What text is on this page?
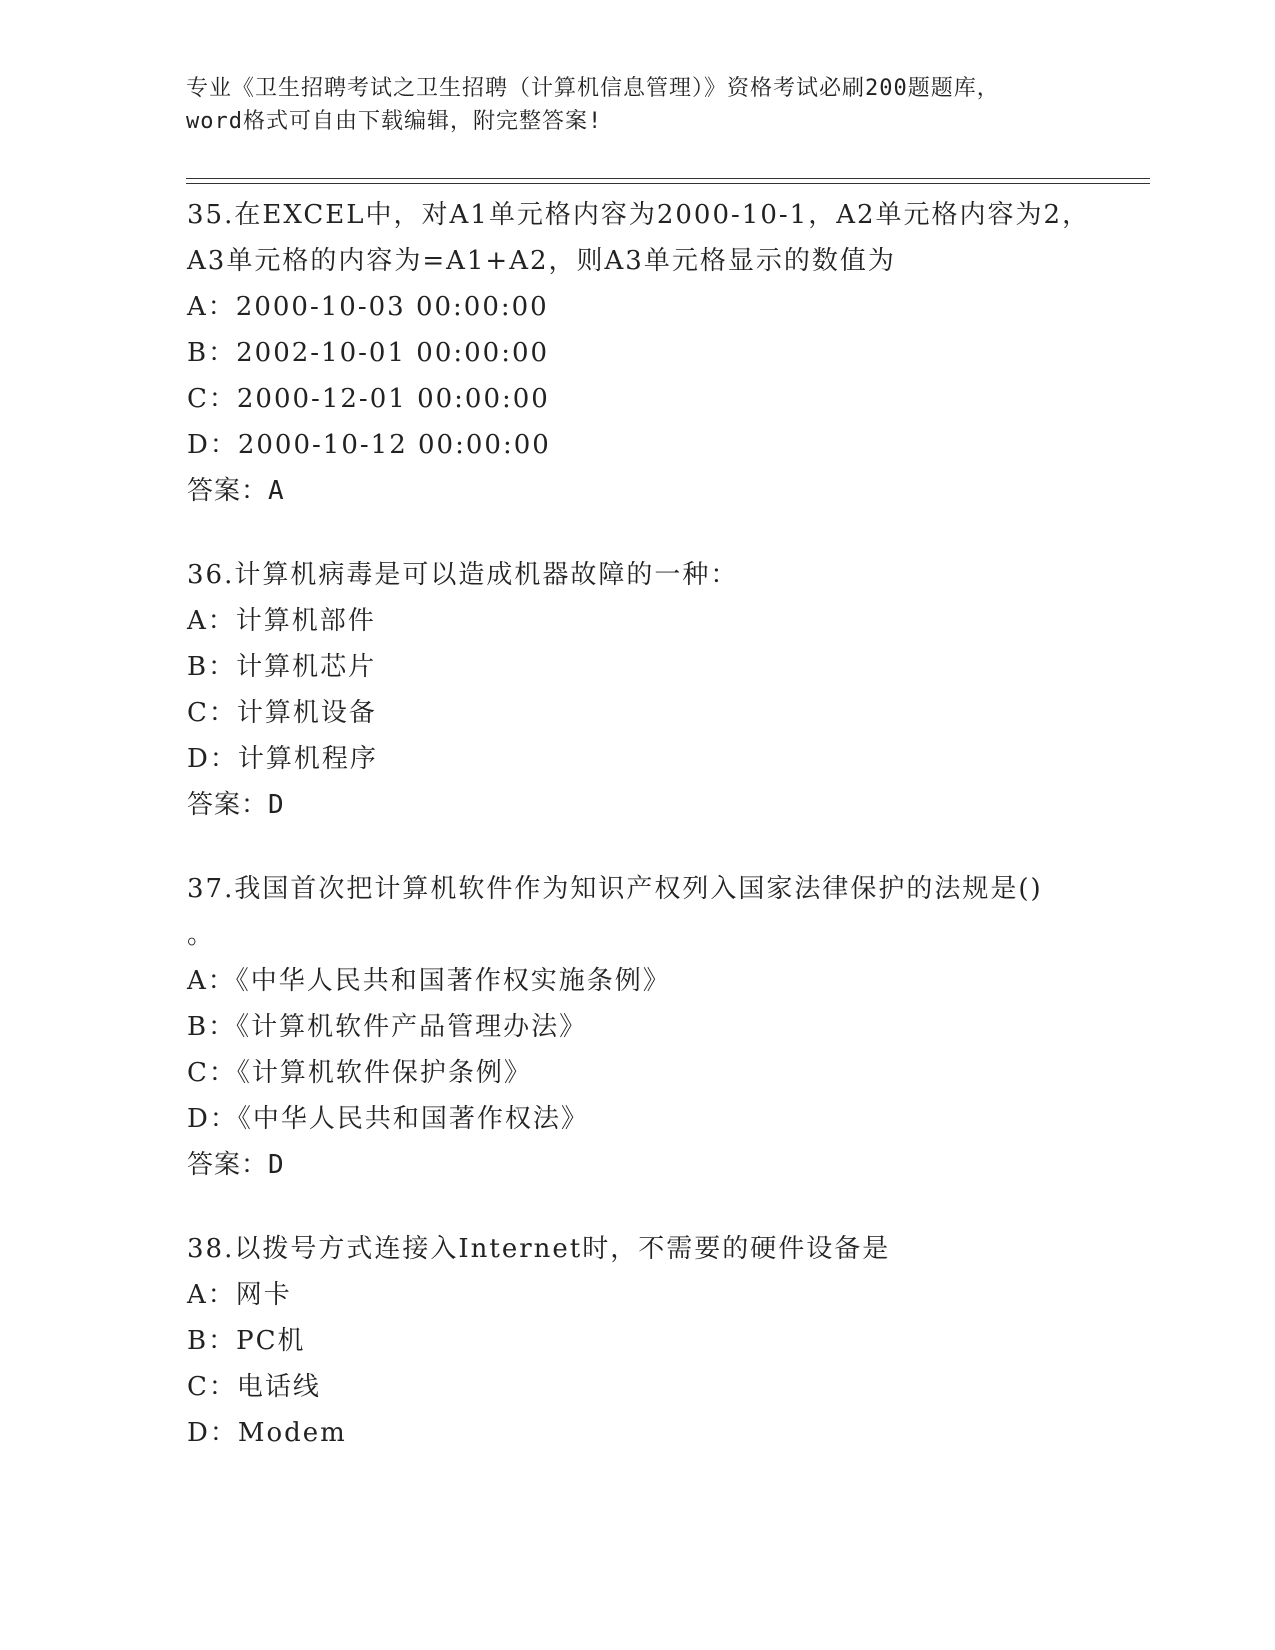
专业《卫生招聘考试之卫生招聘（计算机信息管理）》资格考试必刷200题题库，
word格式可自由下载编辑，附完整答案!
35.在EXCEL中，对A1单元格内容为2000-10-1，A2单元格内容为2，
A3单元格的内容为=A1+A2，则A3单元格显示的数值为
A：2000-10-03 00:00:00
B：2002-10-01 00:00:00
C：2000-12-01 00:00:00
D：2000-10-12 00:00:00
答案：A
36.计算机病毒是可以造成机器故障的一种：
A：计算机部件
B：计算机芯片
C：计算机设备
D：计算机程序
答案：D
37.我国首次把计算机软件作为知识产权列入国家法律保护的法规是()
。
A：《中华人民共和国著作权实施条例》
B：《计算机软件产品管理办法》
C：《计算机软件保护条例》
D：《中华人民共和国著作权法》
答案：D
38.以拨号方式连接入Internet时，不需要的硬件设备是
A：网卡
B：PC机
C：电话线
D：Modem
